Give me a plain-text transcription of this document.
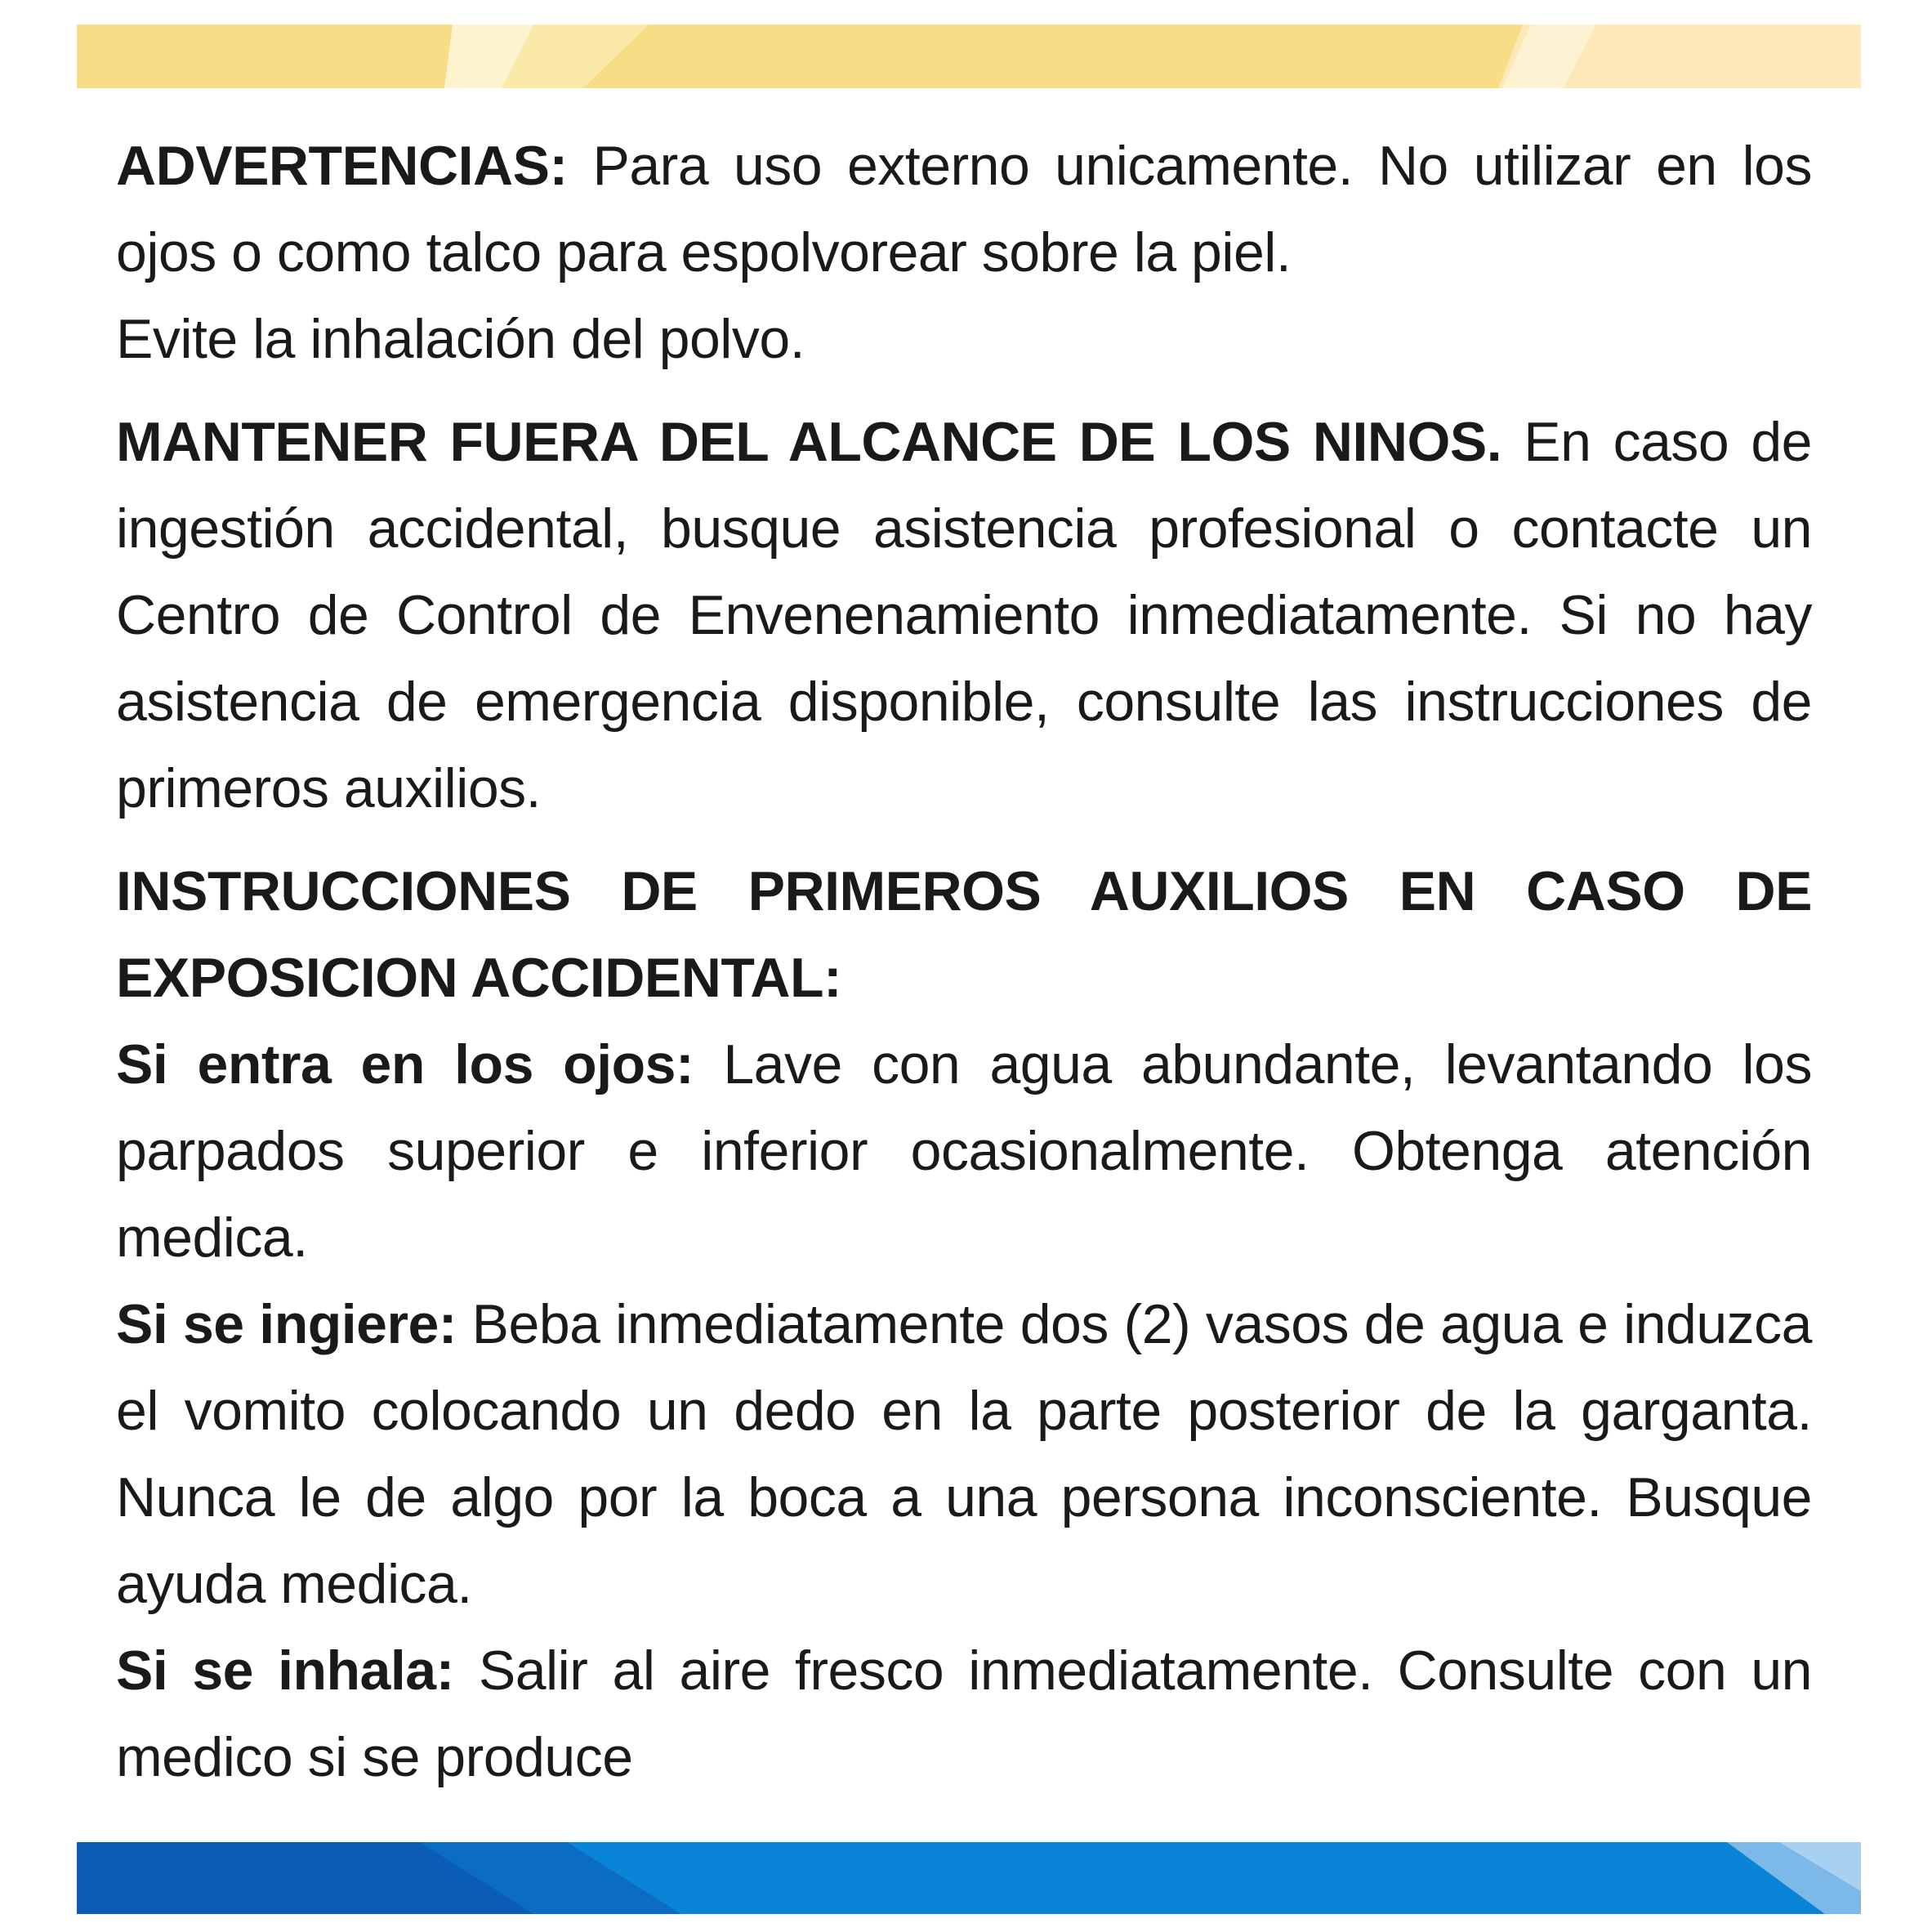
ADVERTENCIAS: Para uso externo unicamente. No utilizar en los ojos o como talco para espolvorear sobre la piel.
Evite la inhalación del polvo.

MANTENER FUERA DEL ALCANCE DE LOS NINOS. En caso de ingestión accidental, busque asistencia profesional o contacte un Centro de Control de Envenenamiento inmediatamente. Si no hay asistencia de emergencia disponible, consulte las instrucciones de primeros auxilios.

INSTRUCCIONES DE PRIMEROS AUXILIOS EN CASO DE EXPOSICION ACCIDENTAL:

Si entra en los ojos: Lave con agua abundante, levantando los parpados superior e inferior ocasionalmente. Obtenga atención medica.

Si se ingiere: Beba inmediatamente dos (2) vasos de agua e induzca el vomito colocando un dedo en la parte posterior de la garganta. Nunca le de algo por la boca a una persona inconsciente. Busque ayuda medica.

Si se inhala: Salir al aire fresco inmediatamente. Consulte con un medico si se produce
